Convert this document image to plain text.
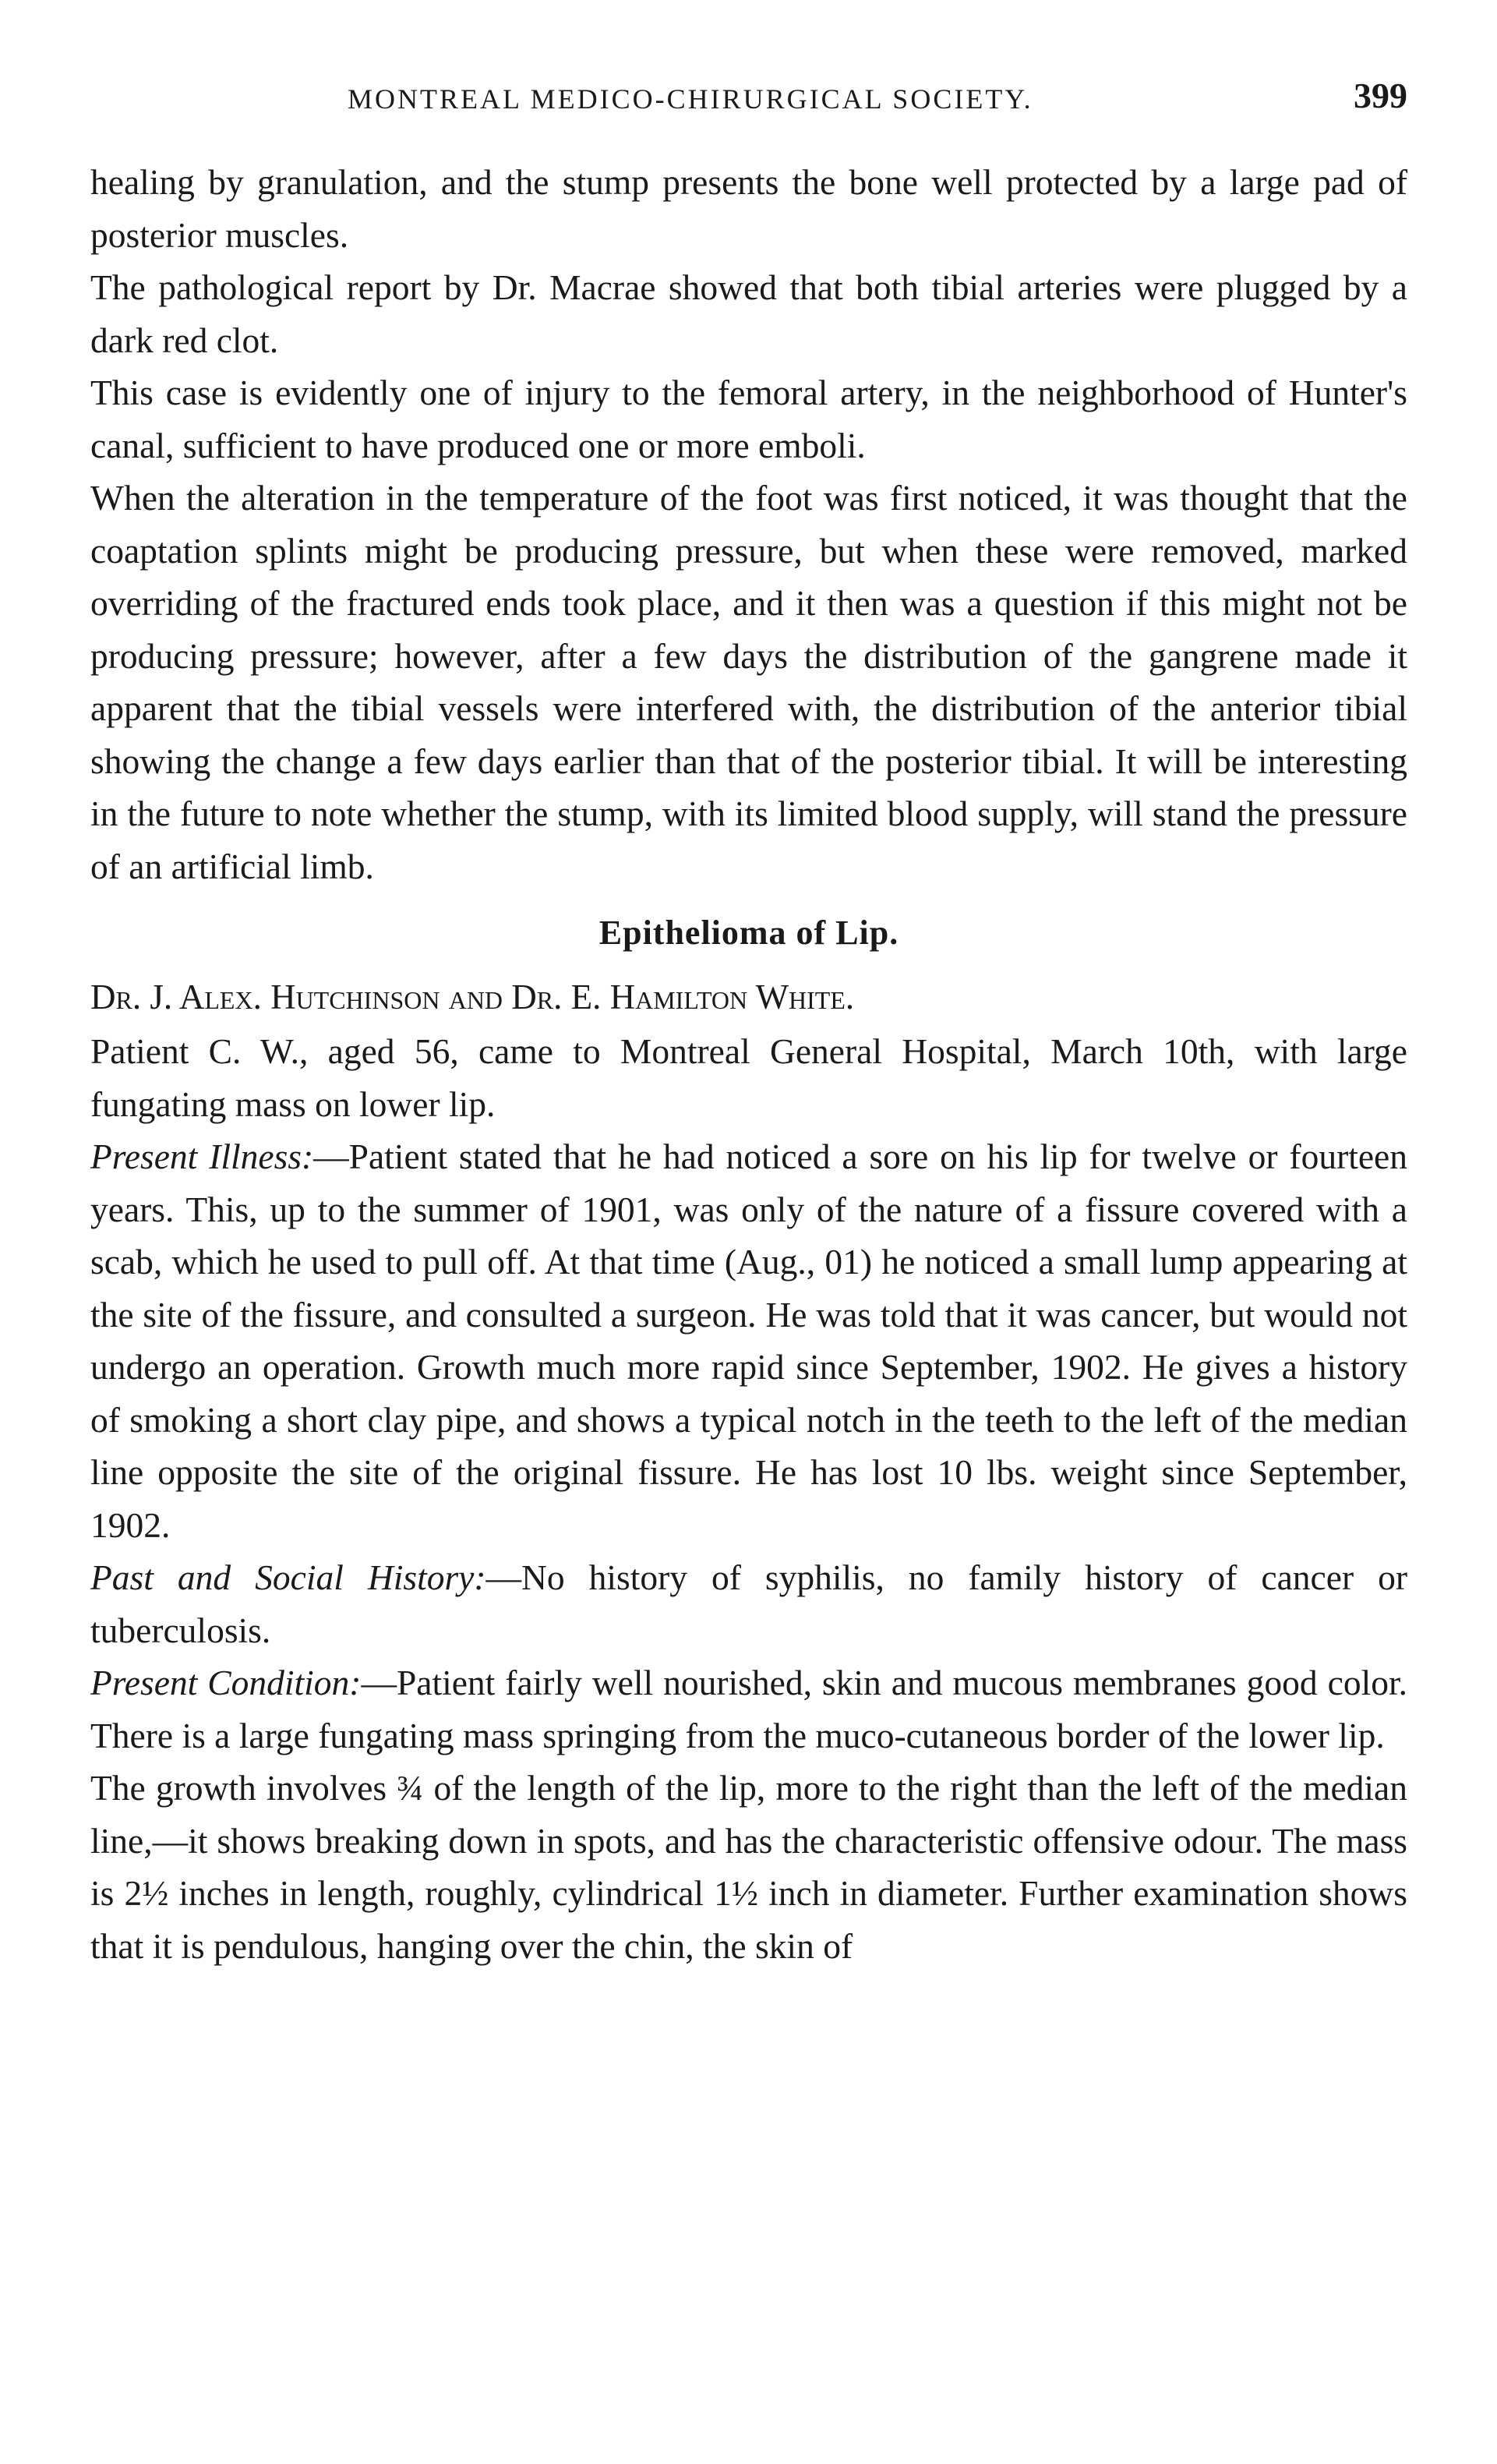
MONTREAL MEDICO-CHIRURGICAL SOCIETY.	399

healing by granulation, and the stump presents the bone well protected by a large pad of posterior muscles.

The pathological report by Dr. Macrae showed that both tibial arteries were plugged by a dark red clot.

This case is evidently one of injury to the femoral artery, in the neighborhood of Hunter's canal, sufficient to have produced one or more emboli.

When the alteration in the temperature of the foot was first noticed, it was thought that the coaptation splints might be producing pressure, but when these were removed, marked overriding of the fractured ends took place, and it then was a question if this might not be producing pressure; however, after a few days the distribution of the gangrene made it apparent that the tibial vessels were interfered with, the distribution of the anterior tibial showing the change a few days earlier than that of the posterior tibial. It will be interesting in the future to note whether the stump, with its limited blood supply, will stand the pressure of an artificial limb.

Epithelioma of Lip.

Dr. J. Alex. Hutchinson and Dr. E. Hamilton White.

Patient C. W., aged 56, came to Montreal General Hospital, March 10th, with large fungating mass on lower lip.

Present Illness:—Patient stated that he had noticed a sore on his lip for twelve or fourteen years. This, up to the summer of 1901, was only of the nature of a fissure covered with a scab, which he used to pull off. At that time (Aug., 01) he noticed a small lump appearing at the site of the fissure, and consulted a surgeon. He was told that it was cancer, but would not undergo an operation. Growth much more rapid since September, 1902. He gives a history of smoking a short clay pipe, and shows a typical notch in the teeth to the left of the median line opposite the site of the original fissure. He has lost 10 lbs. weight since September, 1902.

Past and Social History:—No history of syphilis, no family history of cancer or tuberculosis.

Present Condition:—Patient fairly well nourished, skin and mucous membranes good color. There is a large fungating mass springing from the muco-cutaneous border of the lower lip.

The growth involves ¾ of the length of the lip, more to the right than the left of the median line,—it shows breaking down in spots, and has the characteristic offensive odour. The mass is 2½ inches in length, roughly, cylindrical 1½ inch in diameter. Further examination shows that it is pendulous, hanging over the chin, the skin of
